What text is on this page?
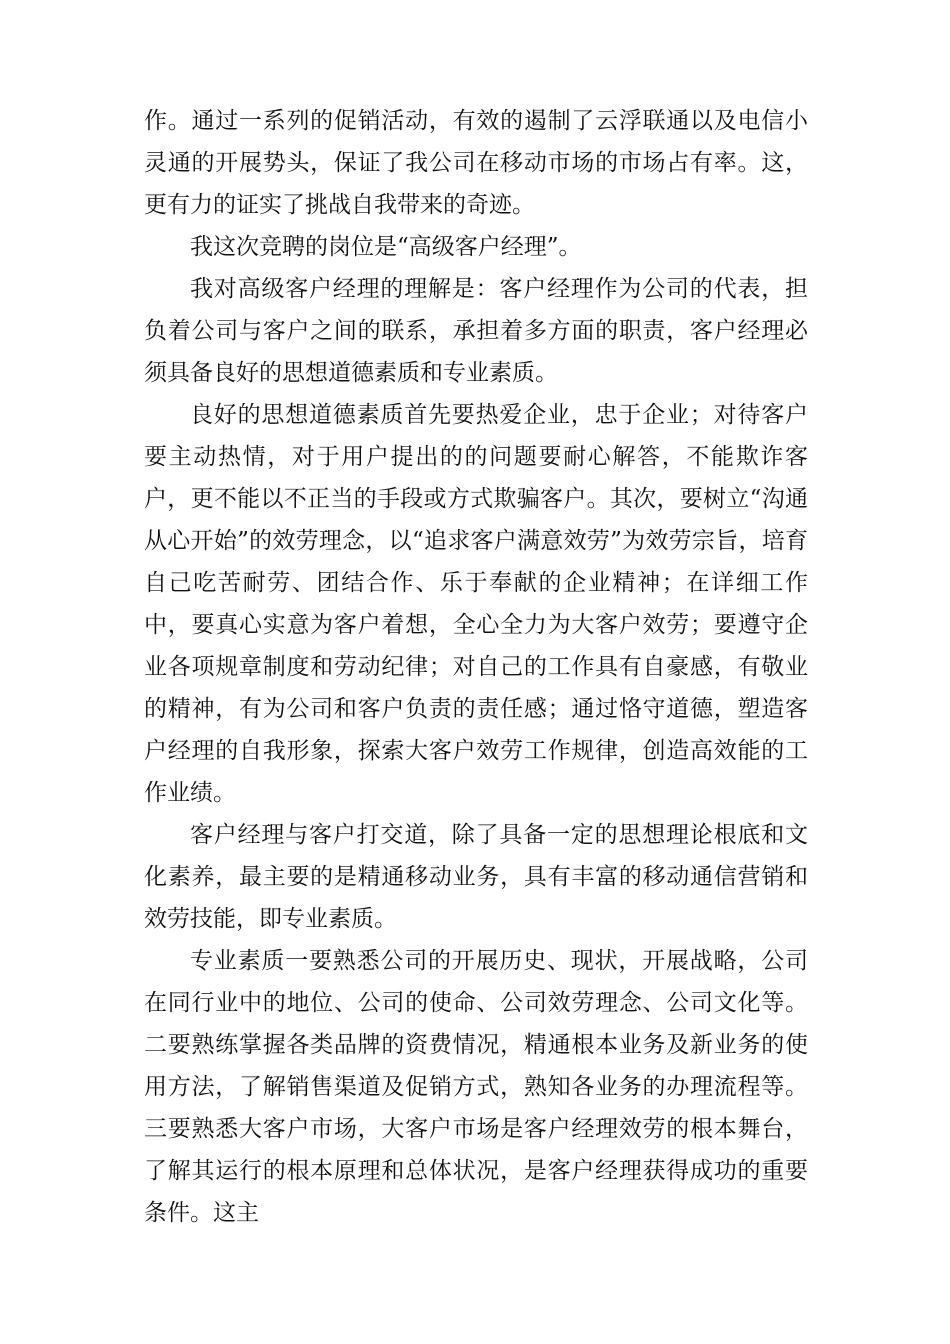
作。通过一系列的促销活动，有效的遏制了云浮联通以及电信小灵通的开展势头，保证了我公司在移动市场的市场占有率。这，更有力的证实了挑战自我带来的奇迹。

我这次竞聘的岗位是“高级客户经理”。

我对高级客户经理的理解是：客户经理作为公司的代表，担负着公司与客户之间的联系，承担着多方面的职责，客户经理必须具备良好的思想道德素质和专业素质。

良好的思想道德素质首先要热爱企业，忠于企业；对待客户要主动热情，对于用户提出的的问题要耐心解答，不能欺诈客户，更不能以不正当的手段或方式欺骗客户。其次，要树立“沟通从心开始”的效劳理念，以“追求客户满意效劳”为效劳宗旨，培育自己吃苦耐劳、团结合作、乐于奉献的企业精神；在详细工作中，要真心实意为客户着想，全心全力为大客户效劳；要遵守企业各项规章制度和劳动纪律；对自己的工作具有自豪感，有敬业的精神，有为公司和客户负责的责任感；通过恪守道德，塑造客户经理的自我形象，探索大客户效劳工作规律，创造高效能的工作业绩。

客户经理与客户打交道，除了具备一定的思想理论根底和文化素养，最主要的是精通移动业务，具有丰富的移动通信营销和效劳技能，即专业素质。

专业素质一要熟悉公司的开展历史、现状，开展战略，公司在同行业中的地位、公司的使命、公司效劳理念、公司文化等。二要熟练掌握各类品牌的资费情况，精通根本业务及新业务的使用方法，了解销售渠道及促销方式，熟知各业务的办理流程等。三要熟悉大客户市场，大客户市场是客户经理效劳的根本舞台，了解其运行的根本原理和总体状况，是客户经理获得成功的重要条件。这主
